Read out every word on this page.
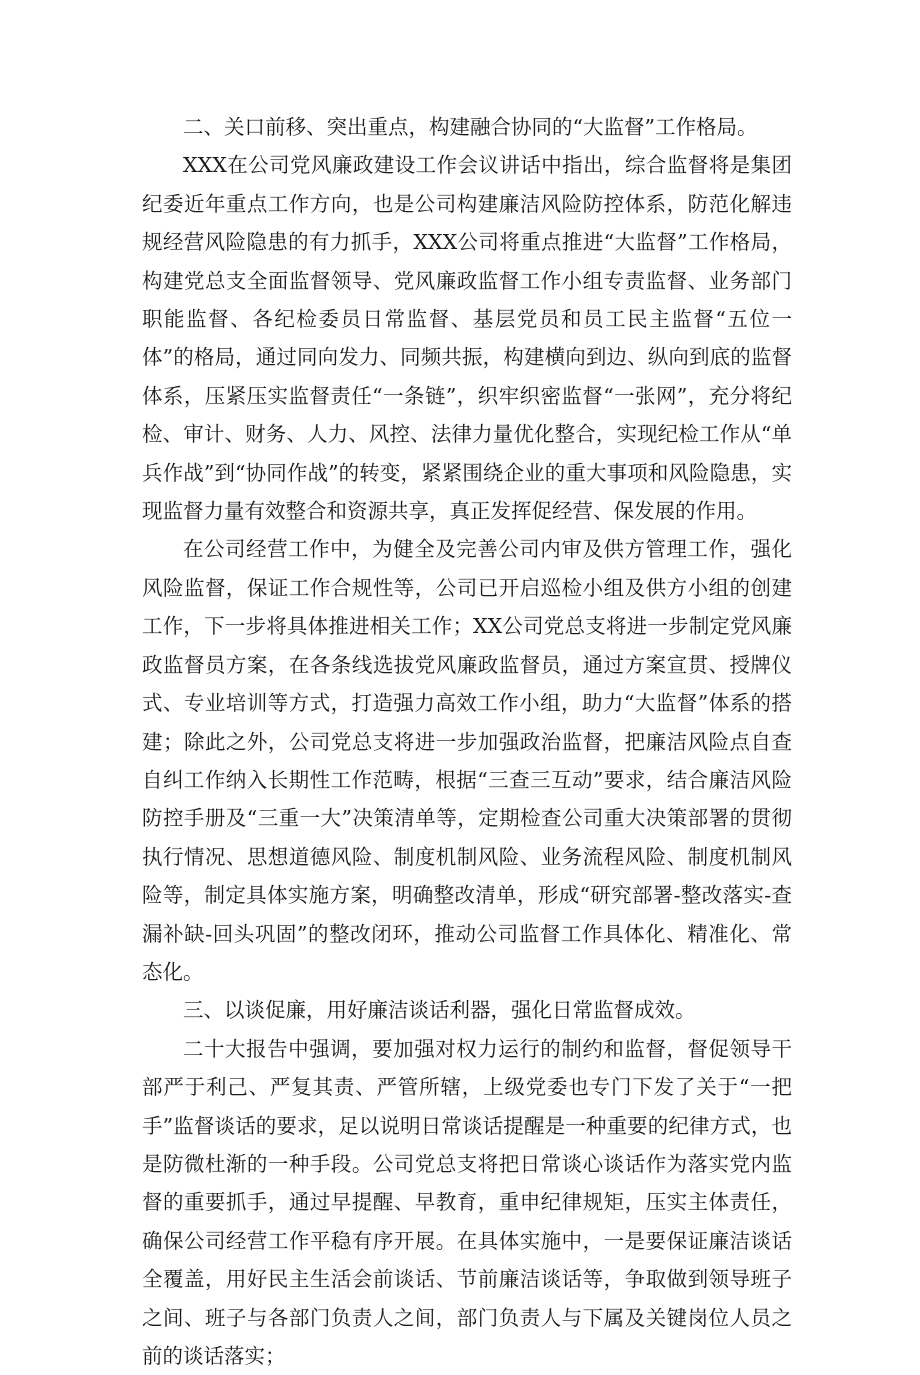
二、关口前移、突出重点，构建融合协同的“大监督”工作格局。

XXX在公司党风廉政建设工作会议讲话中指出，综合监督将是集团纪委近年重点工作方向，也是公司构建廉洁风险防控体系，防范化解违规经营风险隐患的有力抓手，XXX公司将重点推进“大监督”工作格局，构建党总支全面监督领导、党风廉政监督工作小组专责监督、业务部门职能监督、各纪检委员日常监督、基层党员和员工民主监督“五位一体”的格局，通过同向发力、同频共振，构建横向到边、纵向到底的监督体系，压紧压实监督责任“一条链”，织牢织密监督“一张网”，充分将纪检、审计、财务、人力、风控、法律力量优化整合，实现纪检工作从“单兵作战”到“协同作战”的转变，紧紧围绕企业的重大事项和风险隐患，实现监督力量有效整合和资源共享，真正发挥促经营、保发展的作用。

在公司经营工作中，为健全及完善公司内审及供方管理工作，强化风险监督，保证工作合规性等，公司已开启巡检小组及供方小组的创建工作，下一步将具体推进相关工作；XX公司党总支将进一步制定党风廉政监督员方案，在各条线选拔党风廉政监督员，通过方案宣贯、授牌仪式、专业培训等方式，打造强力高效工作小组，助力“大监督”体系的搭建；除此之外，公司党总支将进一步加强政治监督，把廉洁风险点自查自纠工作纳入长期性工作范畴，根据“三查三互动”要求，结合廉洁风险防控手册及“三重一大”决策清单等，定期检查公司重大决策部署的贯彻执行情况、思想道德风险、制度机制风险、业务流程风险、制度机制风险等，制定具体实施方案，明确整改清单，形成“研究部署-整改落实-查漏补缺-回头巩固”的整改闭环，推动公司监督工作具体化、精准化、常态化。

三、以谈促廉，用好廉洁谈话利器，强化日常监督成效。

二十大报告中强调，要加强对权力运行的制约和监督，督促领导干部严于利己、严复其责、严管所辖，上级党委也专门下发了关于“一把手”监督谈话的要求，足以说明日常谈话提醒是一种重要的纪律方式，也是防微杜渐的一种手段。公司党总支将把日常谈心谈话作为落实党内监督的重要抓手，通过早提醒、早教育，重申纪律规矩，压实主体责任，确保公司经营工作平稳有序开展。在具体实施中，一是要保证廉洁谈话全覆盖，用好民主生活会前谈话、节前廉洁谈话等，争取做到领导班子之间、班子与各部门负责人之间，部门负责人与下属及关键岗位人员之前的谈话落实；
